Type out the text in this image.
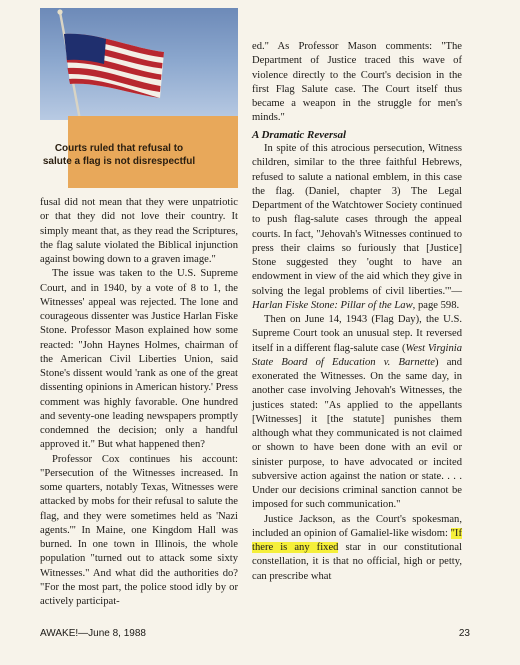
Courts ruled that refusal to salute a flag is not disrespectful

fusal did not mean that they were unpatriotic or that they did not love their country. It simply meant that, as they read the Scriptures, the flag salute violated the Biblical injunction against bowing down to a graven image."

The issue was taken to the U.S. Supreme Court, and in 1940, by a vote of 8 to 1, the Witnesses' appeal was rejected. The lone and courageous dissenter was Justice Harlan Fiske Stone. Professor Mason explained how some reacted: "John Haynes Holmes, chairman of the American Civil Liberties Union, said Stone's dissent would 'rank as one of the great dissenting opinions in American history.' Press comment was highly favorable. One hundred and seventy-one leading newspapers promptly condemned the decision; only a handful approved it." But what happened then?

Professor Cox continues his account: "Persecution of the Witnesses increased. In some quarters, notably Texas, Witnesses were attacked by mobs for their refusal to salute the flag, and they were sometimes held as 'Nazi agents.'" In Maine, one Kingdom Hall was burned. In one town in Illinois, the whole population "turned out to attack some sixty Witnesses." And what did the authorities do? "For the most part, the police stood idly by or actively participat-

ed." As Professor Mason comments: "The Department of Justice traced this wave of violence directly to the Court's decision in the first Flag Salute case. The Court itself thus became a weapon in the struggle for men's minds."

A Dramatic Reversal

In spite of this atrocious persecution, Witness children, similar to the three faithful Hebrews, refused to salute a national emblem, in this case the flag. (Daniel, chapter 3) The Legal Department of the Watchtower Society continued to push flag-salute cases through the appeal courts. In fact, "Jehovah's Witnesses continued to press their claims so furiously that [Justice] Stone suggested they 'ought to have an endowment in view of the aid which they give in solving the legal problems of civil liberties.'"—Harlan Fiske Stone: Pillar of the Law, page 598.

Then on June 14, 1943 (Flag Day), the U.S. Supreme Court took an unusual step. It reversed itself in a different flag-salute case (West Virginia State Board of Education v. Barnette) and exonerated the Witnesses. On the same day, in another case involving Jehovah's Witnesses, the justices stated: "As applied to the appellants [Witnesses] it [the statute] punishes them although what they communicated is not claimed or shown to have been done with an evil or sinister purpose, to have advocated or incited subversive action against the nation or state. . . . Under our decisions criminal sanction cannot be imposed for such communication."

Justice Jackson, as the Court's spokesman, included an opinion of Gamaliel-like wisdom: "If there is any fixed star in our constitutional constellation, it is that no official, high or petty, can prescribe what

AWAKE!—June 8, 1988	23
